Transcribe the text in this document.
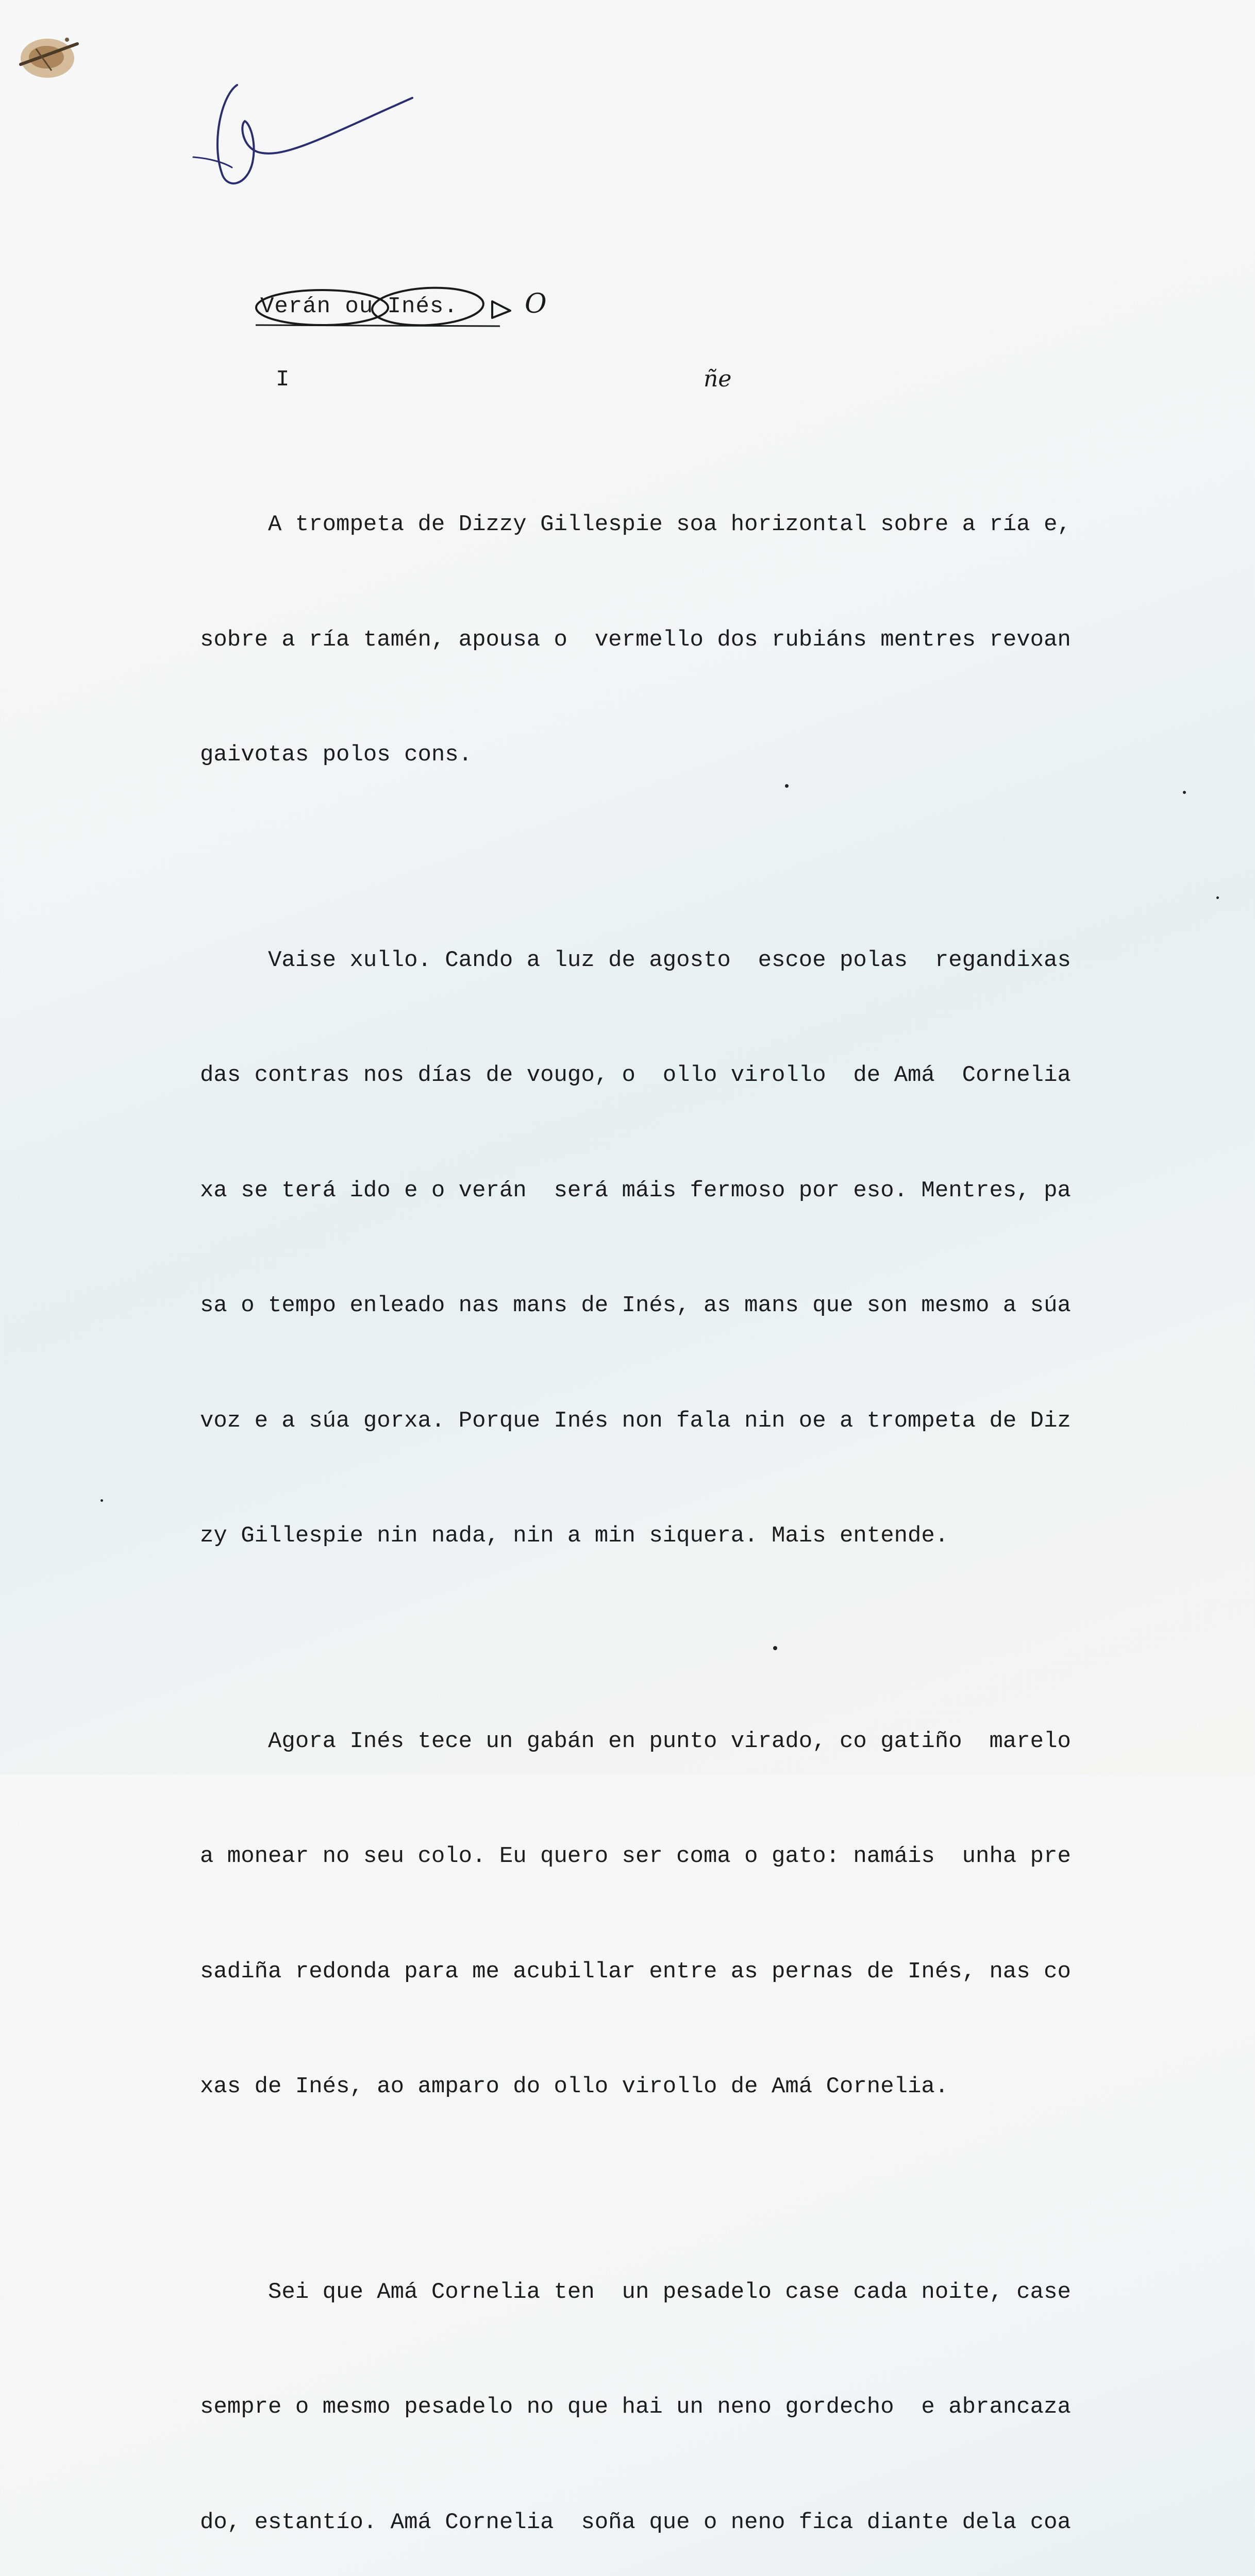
Verán ou Inés. O
I	ñe

A trompeta de Dizzy Gillespie soa horizontal sobre a ría e,

sobre a ría tamén, apousa o  vermello dos rubiáns mentres revoan

gaivotas polos cons.

Vaise xullo. Cando a luz de agosto  escoe polas  regandixas

das contras nos días de vougo, o  ollo virollo  de Amá  Cornelia

xa se terá ido e o verán  será máis fermoso por eso. Mentres, pa

sa o tempo enleado nas mans de Inés, as mans que son mesmo a súa

voz e a súa gorxa. Porque Inés non fala nin oe a trompeta de Diz

zy Gillespie nin nada, nin a min siquera. Mais entende.

Agora Inés tece un gabán en punto virado, co gatiño  marelo

a monear no seu colo. Eu quero ser coma o gato: namáis  unha pre

sadiña redonda para me acubillar entre as pernas de Inés, nas co

xas de Inés, ao amparo do ollo virollo de Amá Cornelia.

Sei que Amá Cornelia ten  un pesadelo case cada noite, case

sempre o mesmo pesadelo no que hai un neno gordecho  e abrancaza

do, estantío. Amá Cornelia  soña que o neno fica diante dela coa
